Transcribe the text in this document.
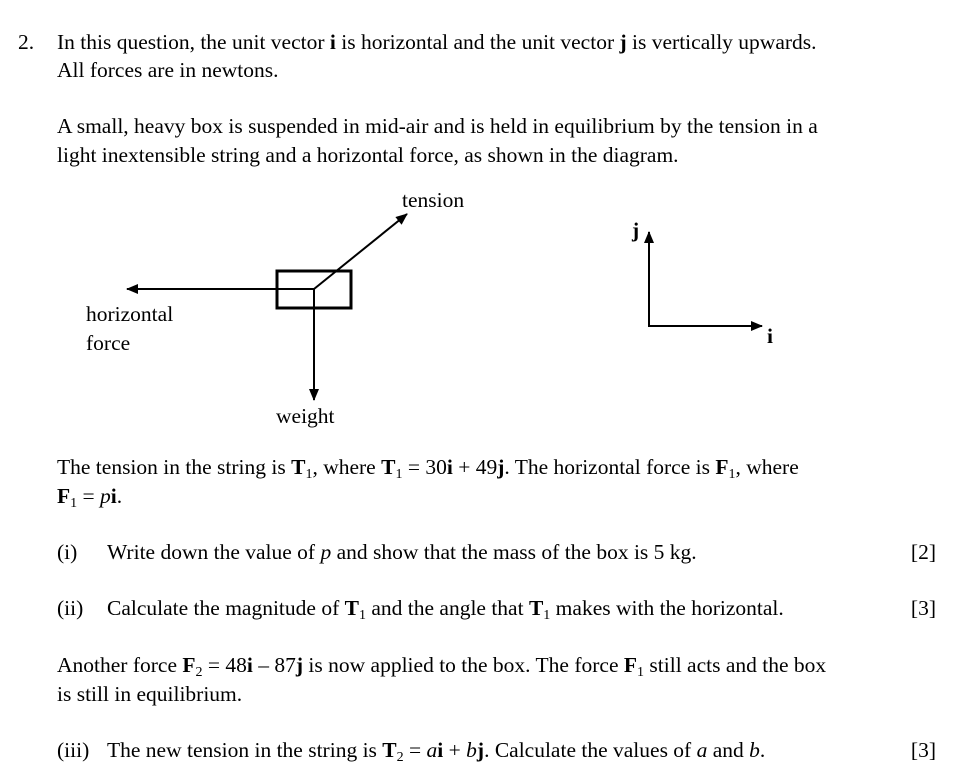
2. In this question, the unit vector i is horizontal and the unit vector j is vertically upwards.
All forces are in newtons.
A small, heavy box is suspended in mid-air and is held in equilibrium by the tension in a
light inextensible string and a horizontal force, as shown in the diagram.
tension
horizontal
force
weight
j
i
The tension in the string is $T_1$, where $T_1 = 30i + 49j$. The horizontal force is $F_1$, where
$F_1$ = pi.
(i) Write down the value of p and show that the mass of the box is 5 kg.	[2]
(ii) Calculate the magnitude of $T_1$ and the angle that $T_1$ makes with the horizontal.	[3]
Another force $F_2 = 48i - 87j$ is now applied to the box. The force $F_1$ still acts and the box
is still in equilibrium.
(iii) The new tension in the string is $T_2$ = ai + bj. Calculate the values of a and b.	[3]
